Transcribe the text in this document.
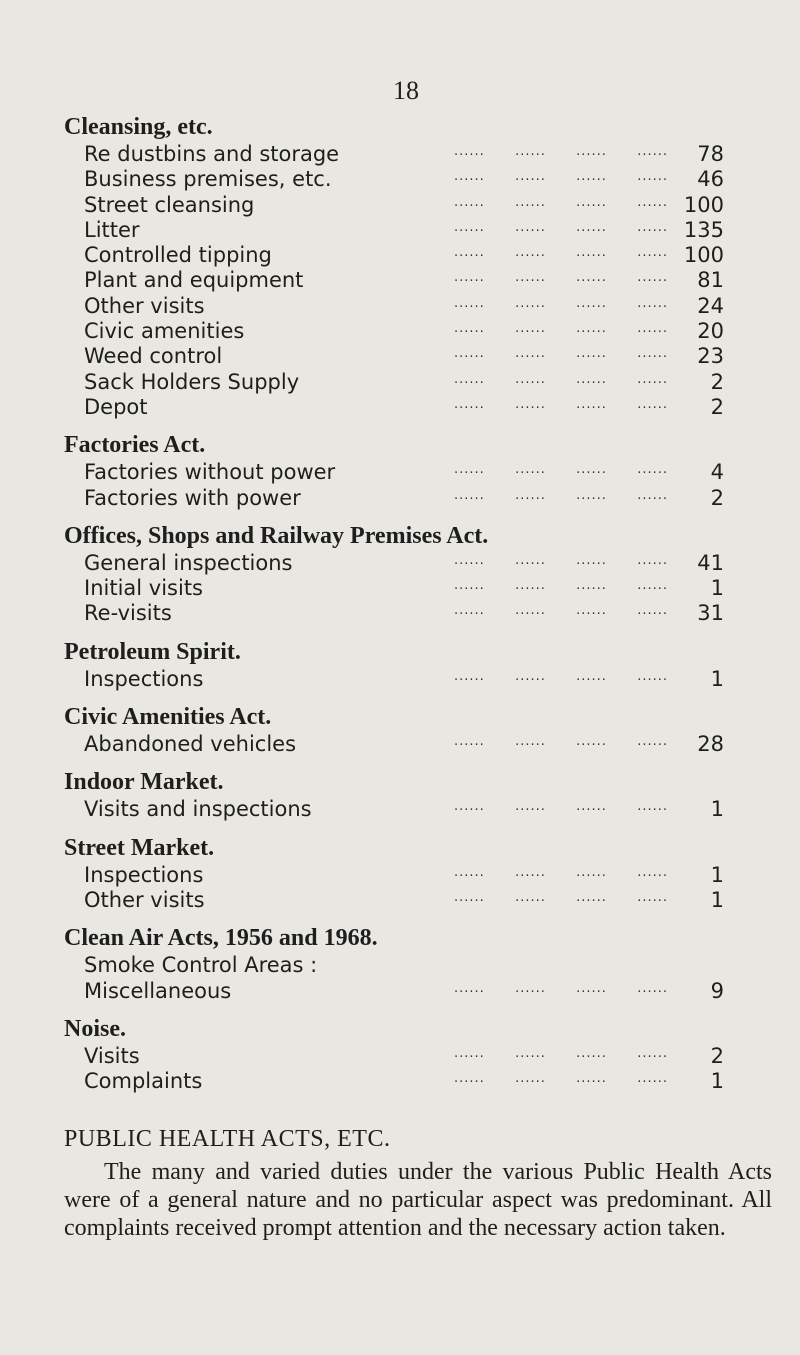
18
Cleansing, etc.
Re dustbins and storage	...... ...... ...... ......	78
Business premises, etc.	...... ...... ...... ......	46
Street cleansing	...... ...... ...... ...... 100
Litter	...... ...... ...... ...... 135
Controlled tipping	...... ...... ...... ...... 100
Plant and equipment	...... ...... ...... ......	81
Other visits	...... ...... ...... ......	24
Civic amenities	...... ...... ...... ......	20
Weed control	...... ...... ...... ......	23
Sack Holders Supply	...... ...... ...... ......	2
Depot	...... ...... ...... ......	2
Factories Act.
Factories without power	...... ...... ...... ......	4
Factories with power	...... ...... ...... ......	2
Offices, Shops and Railway Premises Act.
General inspections	...... ...... ...... ......	41
Initial visits	...... ...... ...... ......	1
Re-visits	...... ...... ...... ......	31
Petroleum Spirit.
Inspections	...... ...... ...... ......	1
Civic Amenities Act.
Abandoned vehicles	...... ...... ...... ......	28
Indoor Market.
Visits and inspections	...... ...... ...... ......	1
Street Market.
Inspections	...... ...... ...... ......	1
Other visits	...... ...... ...... ......	1
Clean Air Acts, 1956 and 1968.
Smoke Control Areas :
Miscellaneous	...... ...... ...... ......	9
Noise.
Visits	...... ...... ...... ......	2
Complaints	...... ...... ...... ......	1
PUBLIC HEALTH ACTS, ETC.
The many and varied duties under the various Public Health Acts were of a general nature and no particular aspect was predominant. All complaints received prompt attention and the necessary action taken.
